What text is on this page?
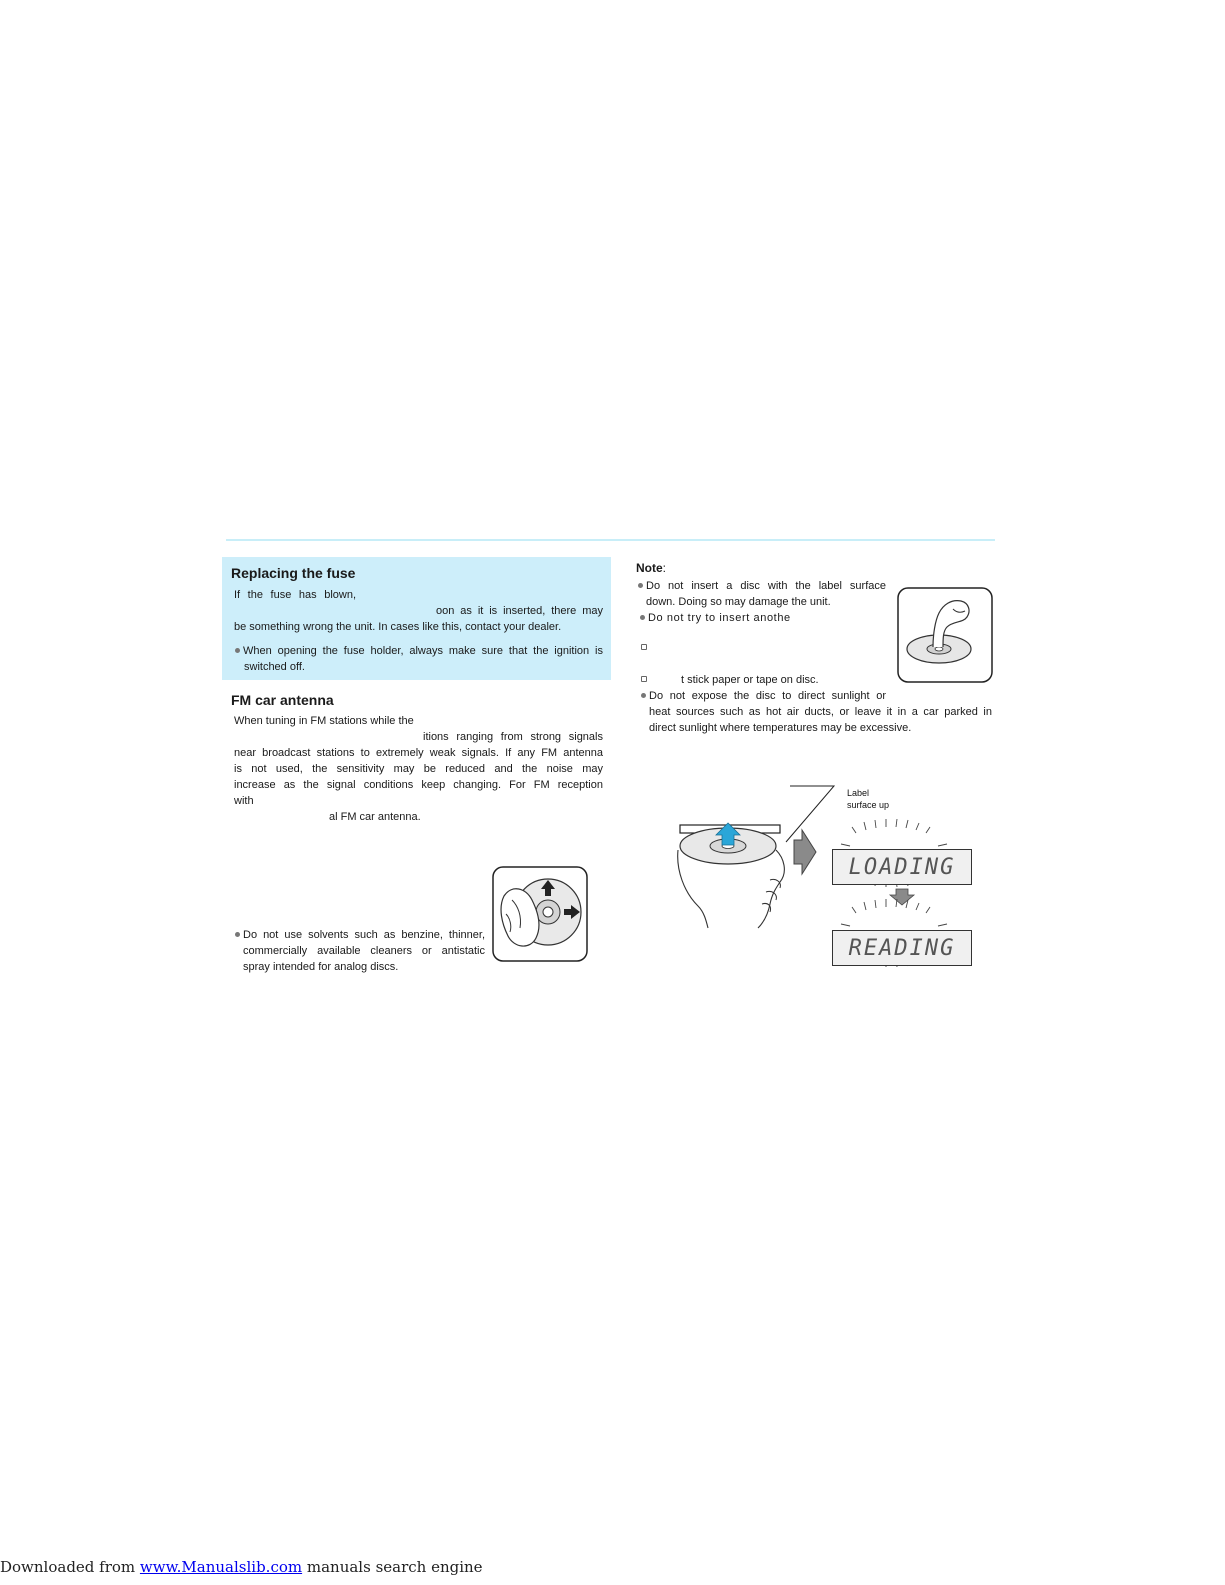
Replacing the fuse
If the fuse has blown,
oon as it is inserted, there may
be something wrong the unit. In cases like this, contact your dealer.
When opening the fuse holder, always make sure that the ignition is
switched off.
FM car antenna
When tuning in FM stations while the
itions ranging from strong signals
near broadcast stations to extremely weak signals. If any FM antenna
is not used, the sensitivity may be reduced and the noise may
increase as the signal conditions keep changing. For FM reception
with
al FM car antenna.
Do not use solvents such as benzine, thinner,
commercially available cleaners or antistatic
spray intended for analog discs.
Note:
Do not insert a disc with the label surface
down. Doing so may damage the unit.
Do not try to insert anothe
t stick paper or tape on disc.
Do not expose the disc to direct sunlight or
heat sources such as hot air ducts, or leave it in a car parked in
direct sunlight where temperatures may be excessive.
Label
surface up
LOADING
READING
Downloaded from www.Manualslib.com manuals search engine
